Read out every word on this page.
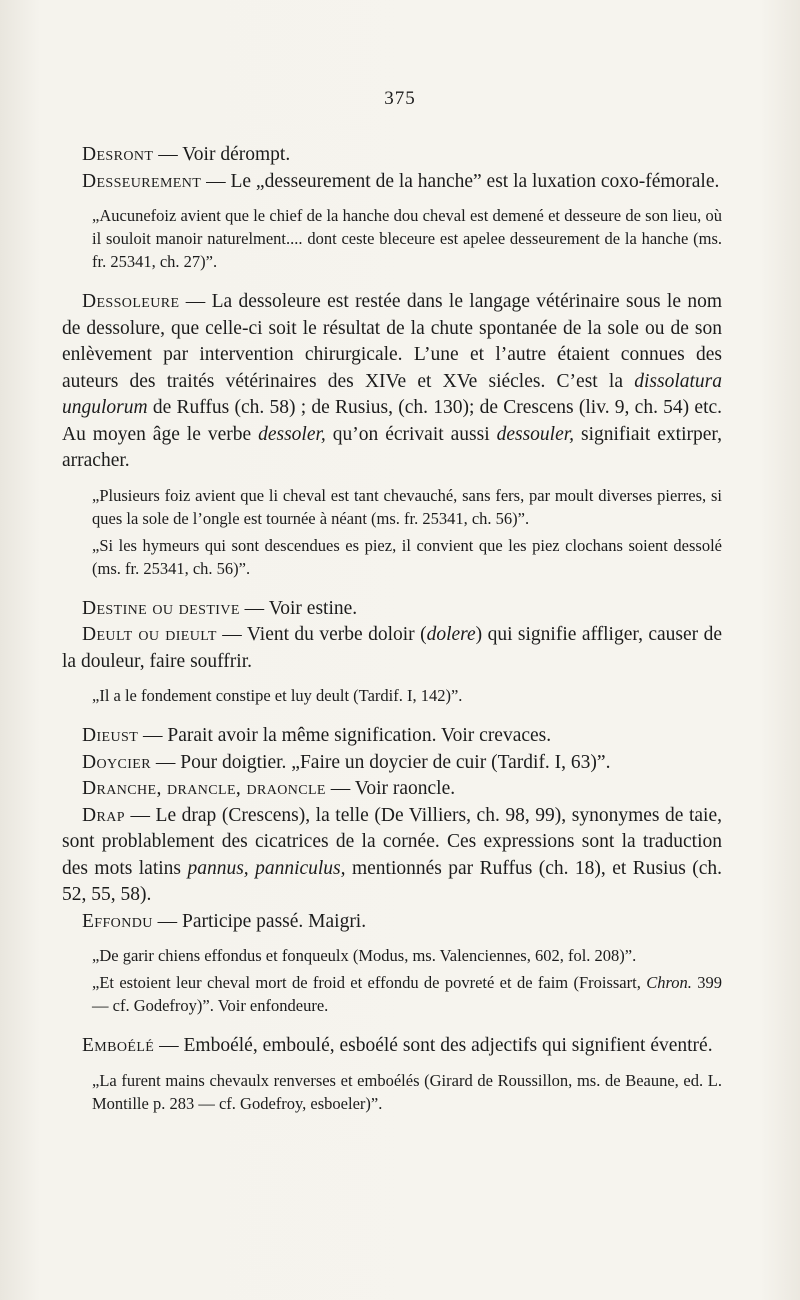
375

Desront — Voir dérompt.

Desseurement — Le „desseurement de la hanche” est la luxation coxo-fémorale.

„Aucunefoiz avient que le chief de la hanche dou cheval est demené et desseure de son lieu, où il souloit manoir naturelment.... dont ceste bleceure est apelee desseurement de la hanche (ms. fr. 25341, ch. 27)”.

Dessoleure — La dessoleure est restée dans le langage vétérinaire sous le nom de dessolure, que celle-ci soit le résultat de la chute spontanée de la sole ou de son enlèvement par intervention chirurgicale. L’une et l’autre étaient connues des auteurs des traités vétérinaires des XIVe et XVe siécles. C’est la dissolatura ungulorum de Ruffus (ch. 58) ; de Rusius, (ch. 130); de Crescens (liv. 9, ch. 54) etc. Au moyen âge le verbe dessoler, qu’on écrivait aussi dessouler, signifiait extirper, arracher.

„Plusieurs foiz avient que li cheval est tant chevauché, sans fers, par moult diverses pierres, si ques la sole de l’ongle est tournée à néant (ms. fr. 25341, ch. 56)”.

„Si les hymeurs qui sont descendues es piez, il convient que les piez clochans soient dessolé (ms. fr. 25341, ch. 56)”.

Destine ou destive — Voir estine.

Deult ou dieult — Vient du verbe doloir (dolere) qui signifie affliger, causer de la douleur, faire souffrir.

„Il a le fondement constipe et luy deult (Tardif. I, 142)”.

Dieust — Parait avoir la même signification. Voir crevaces.

Doycier — Pour doigtier. „Faire un doycier de cuir (Tardif. I, 63)”.

Dranche, drancle, draoncle — Voir raoncle.

Drap — Le drap (Crescens), la telle (De Villiers, ch. 98, 99), synonymes de taie, sont problablement des cicatrices de la cornée. Ces expressions sont la traduction des mots latins pannus, panniculus, mentionnés par Ruffus (ch. 18), et Rusius (ch. 52, 55, 58).

Effondu — Participe passé. Maigri.

„De garir chiens effondus et fonqueulx (Modus, ms. Valenciennes, 602, fol. 208)”.

„Et estoient leur cheval mort de froid et effondu de povreté et de faim (Froissart, Chron. 399 — cf. Godefroy)”. Voir enfondeure.

Emboélé — Emboélé, emboulé, esboélé sont des adjectifs qui signifient éventré.

„La furent mains chevaulx renverses et emboélés (Girard de Roussillon, ms. de Beaune, ed. L. Montille p. 283 — cf. Godefroy, esboeler)”.
